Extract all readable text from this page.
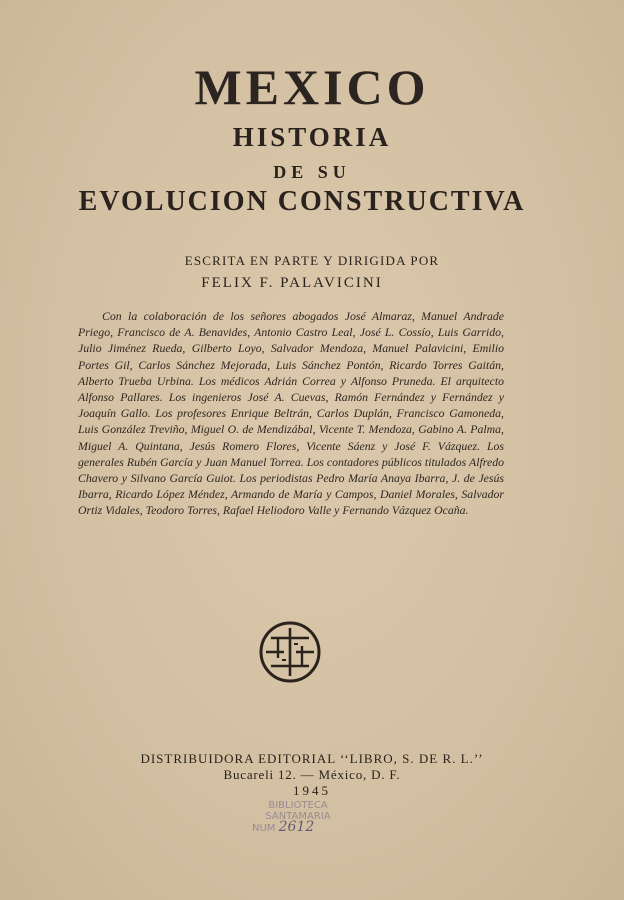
MEXICO
HISTORIA
DE SU
EVOLUCION CONSTRUCTIVA
ESCRITA EN PARTE Y DIRIGIDA POR
FELIX F. PALAVICINI
Con la colaboración de los señores abogados José Almaraz, Manuel Andrade Priego, Francisco de A. Benavides, Antonio Castro Leal, José L. Cossío, Luis Garrido, Julio Jiménez Rueda, Gilberto Loyo, Salvador Mendoza, Manuel Palavicini, Emilio Portes Gil, Carlos Sánchez Mejorada, Luis Sánchez Pontón, Ricardo Torres Gaitán, Alberto Trueba Urbina. Los médicos Adrián Correa y Alfonso Pruneda. El arquitecto Alfonso Pallares. Los ingenieros José A. Cuevas, Ramón Fernández y Fernández y Joaquín Gallo. Los profesores Enrique Beltrán, Carlos Duplán, Francisco Gamoneda, Luis González Treviño, Miguel O. de Mendizábal, Vicente T. Mendoza, Gabino A. Palma, Miguel A. Quintana, Jesús Romero Flores, Vicente Sáenz y José F. Vázquez. Los generales Rubén García y Juan Manuel Torrea. Los contadores públicos titulados Alfredo Chavero y Silvano García Guiot. Los periodistas Pedro María Anaya Ibarra, J. de Jesús Ibarra, Ricardo López Méndez, Armando de María y Campos, Daniel Morales, Salvador Ortiz Vidales, Teodoro Torres, Rafael Heliodoro Valle y Fernando Vázquez Ocaña.
DISTRIBUIDORA EDITORIAL ‘‘LIBRO, S. DE R. L.’’
Bucareli 12. — México, D. F.
1945
BIBLIOTECA
SANTAMARIA
NUM 2612
